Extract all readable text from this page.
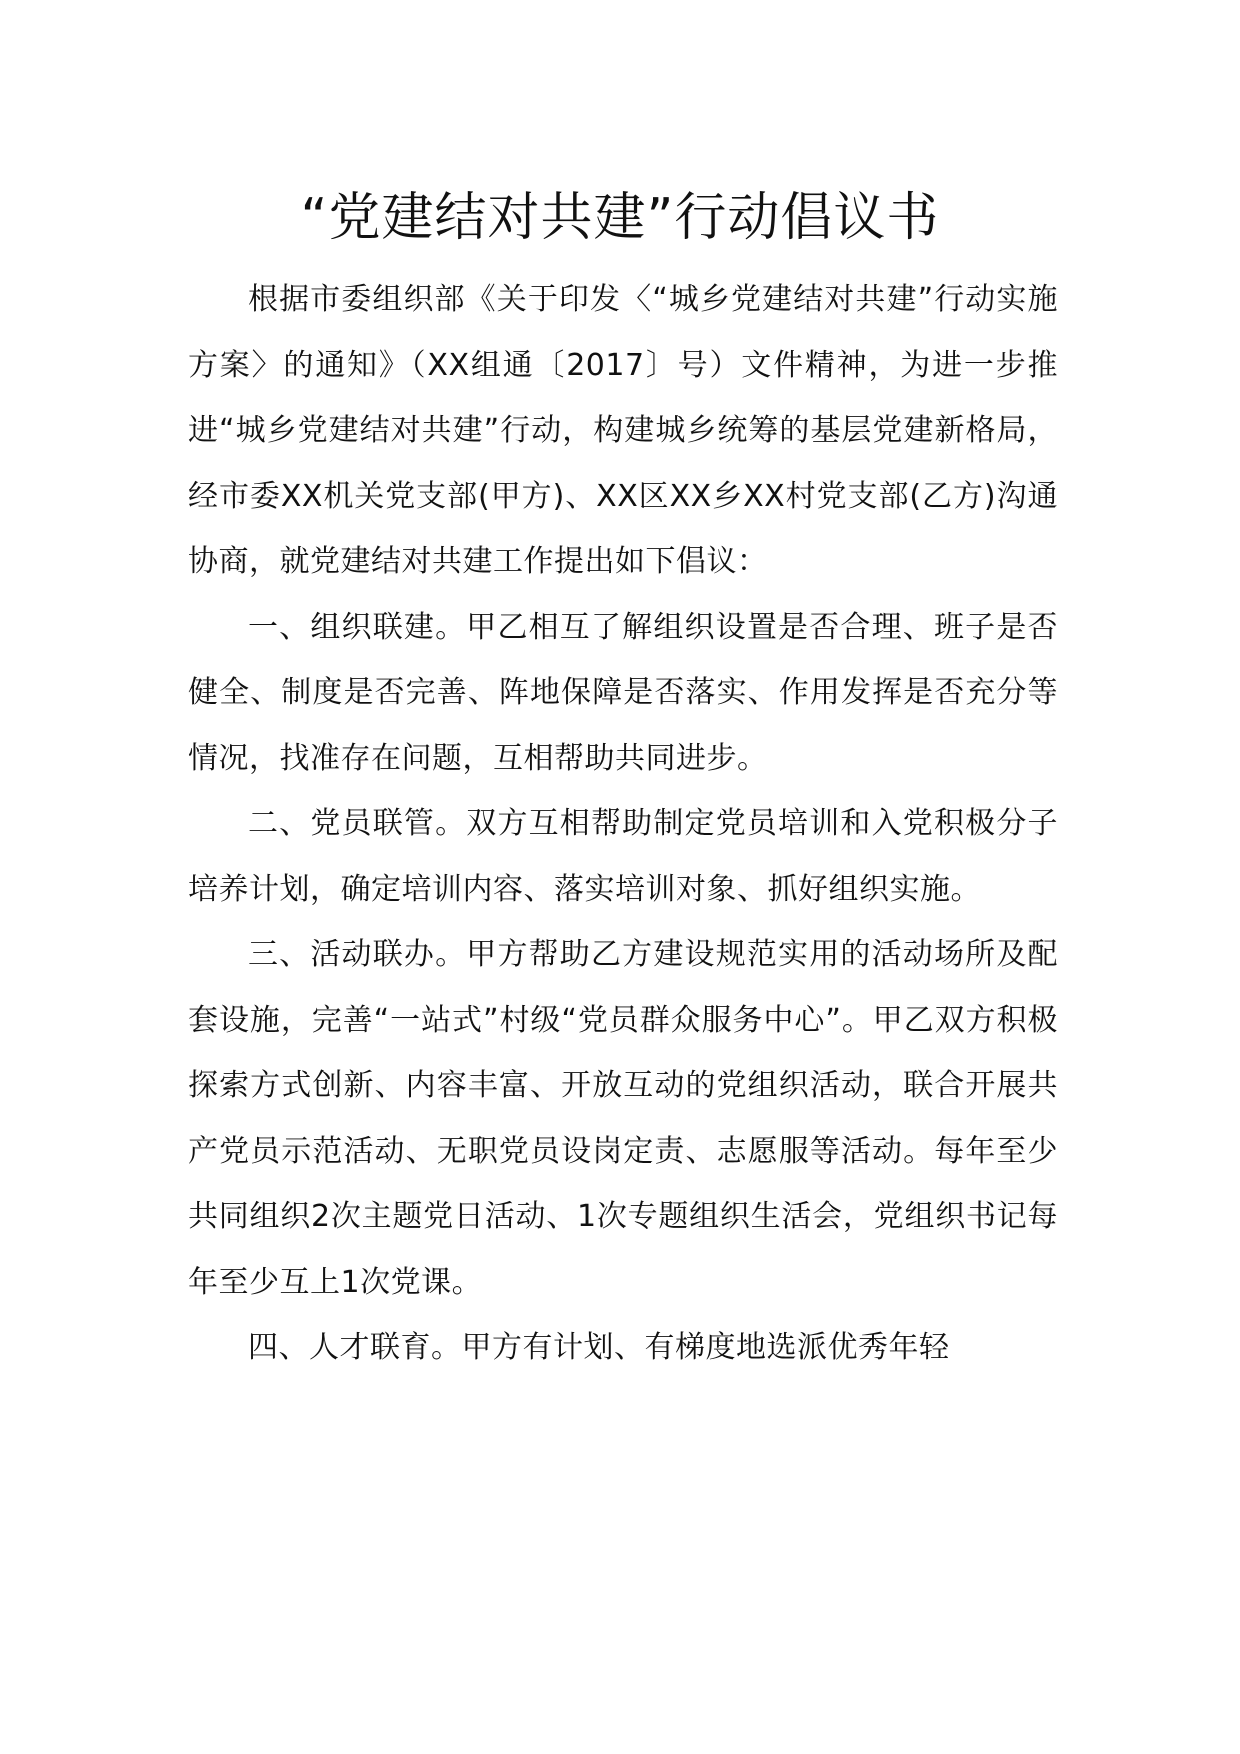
“党建结对共建”行动倡议书

根据市委组织部《关于印发〈“城乡党建结对共建”行动实施方案〉的通知》（XX组通〔2017〕号）文件精神，为进一步推进“城乡党建结对共建”行动，构建城乡统筹的基层党建新格局，经市委XX机关党支部(甲方)、XX区XX乡XX村党支部(乙方)沟通协商，就党建结对共建工作提出如下倡议：

一、组织联建。甲乙相互了解组织设置是否合理、班子是否健全、制度是否完善、阵地保障是否落实、作用发挥是否充分等情况，找准存在问题，互相帮助共同进步。

二、党员联管。双方互相帮助制定党员培训和入党积极分子培养计划，确定培训内容、落实培训对象、抓好组织实施。

三、活动联办。甲方帮助乙方建设规范实用的活动场所及配套设施，完善“一站式”村级“党员群众服务中心”。甲乙双方积极探索方式创新、内容丰富、开放互动的党组织活动，联合开展共产党员示范活动、无职党员设岗定责、志愿服等活动。每年至少共同组织2次主题党日活动、1次专题组织生活会，党组织书记每年至少互上1次党课。

四、人才联育。甲方有计划、有梯度地选派优秀年轻
